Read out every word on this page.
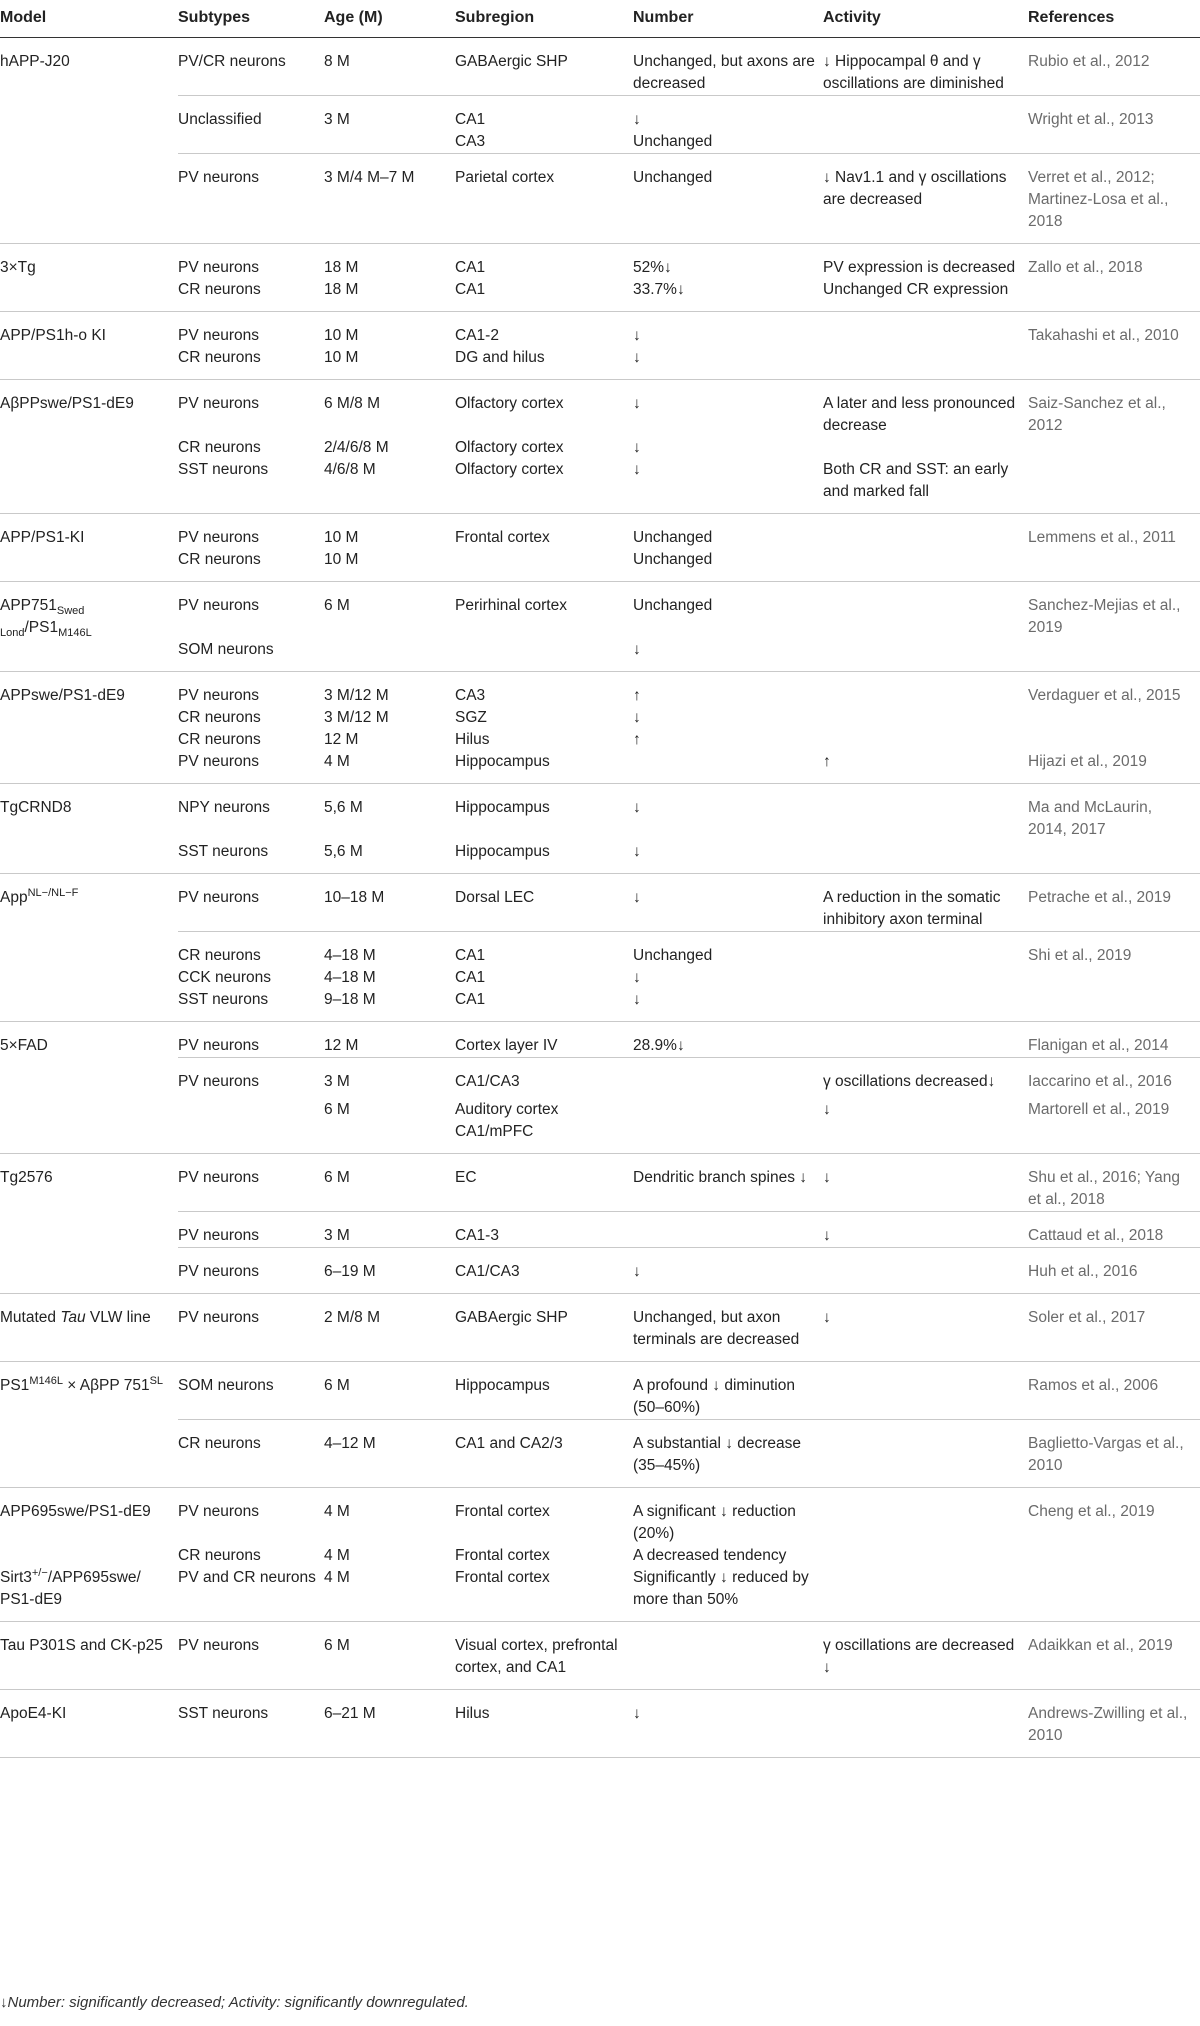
Model	Subtypes	Age (M)	Subregion	Number	Activity	References
hAPP-J20	PV/CR neurons	8 M	GABAergic SHP	Unchanged, but axons are decreased	↓ Hippocampal θ and γ oscillations are diminished	Rubio et al., 2012
	Unclassified	3 M	CA1	↓		Wright et al., 2013
			CA3	Unchanged		
	PV neurons	3 M/4 M–7 M	Parietal cortex	Unchanged	↓ Nav1.1 and γ oscillations are decreased	Verret et al., 2012; Martinez-Losa et al., 2018
3×Tg	PV neurons	18 M	CA1	52%↓	PV expression is decreased	Zallo et al., 2018
	CR neurons	18 M	CA1	33.7%↓	Unchanged CR expression	
APP/PS1h-o KI	PV neurons	10 M	CA1-2	↓		Takahashi et al., 2010
	CR neurons	10 M	DG and hilus	↓		
AβPPswe/PS1-dE9	PV neurons	6 M/8 M	Olfactory cortex	↓	A later and less pronounced decrease	Saiz-Sanchez et al., 2012
	CR neurons	2/4/6/8 M	Olfactory cortex	↓		
	SST neurons	4/6/8 M	Olfactory cortex	↓	Both CR and SST: an early and marked fall	
APP/PS1-KI	PV neurons	10 M	Frontal cortex	Unchanged		Lemmens et al., 2011
	CR neurons	10 M		Unchanged		
$APP751_{Swed}$
$_{Lond}/PS1_{M146L}$	PV neurons	6 M	Perirhinal cortex	Unchanged		Sanchez-Mejias et al., 2019
	SOM neurons			↓		
APPswe/PS1-dE9	PV neurons	3 M/12 M	CA3	↑		Verdaguer et al., 2015
	CR neurons	3 M/12 M	SGZ	↓		
	CR neurons	12 M	Hilus	↑		
	PV neurons	4 M	Hippocampus		↑	Hijazi et al., 2019
TgCRND8	NPY neurons	5,6 M	Hippocampus	↓		Ma and McLaurin, 2014, 2017
	SST neurons	5,6 M	Hippocampus	↓		
App$^{NL-/NL-F}$	PV neurons	10–18 M	Dorsal LEC	↓	A reduction in the somatic inhibitory axon terminal	Petrache et al., 2019
	CR neurons	4–18 M	CA1	Unchanged		Shi et al., 2019
	CCK neurons	4–18 M	CA1	↓		
	SST neurons	9–18 M	CA1	↓		
5×FAD	PV neurons	12 M	Cortex layer IV	28.9%↓		Flanigan et al., 2014
	PV neurons	3 M	CA1/CA3		γ oscillations decreased↓	Iaccarino et al., 2016
		6 M	Auditory cortex CA1/mPFC		↓	Martorell et al., 2019
Tg2576	PV neurons	6 M	EC	Dendritic branch spines ↓	↓	Shu et al., 2016; Yang et al., 2018
	PV neurons	3 M	CA1-3		↓	Cattaud et al., 2018
	PV neurons	6–19 M	CA1/CA3	↓		Huh et al., 2016
Mutated Tau VLW line	PV neurons	2 M/8 M	GABAergic SHP	Unchanged, but axon terminals are decreased	↓	Soler et al., 2017
$PS1^{M146L} \times A\beta PP$ $751^{SL}$	SOM neurons	6 M	Hippocampus	A profound ↓ diminution (50–60%)		Ramos et al., 2006
	CR neurons	4–12 M	CA1 and CA2/3	A substantial ↓ decrease (35–45%)		Baglietto-Vargas et al., 2010
APP695swe/PS1-dE9	PV neurons	4 M	Frontal cortex	A significant ↓ reduction (20%)		Cheng et al., 2019
	CR neurons	4 M	Frontal cortex	A decreased tendency		
Sirt3+/−/APP695swe/ PS1-dE9	PV and CR neurons	4 M	Frontal cortex	Significantly ↓ reduced by more than 50%		
Tau P301S and CK-p25	PV neurons	6 M	Visual cortex, prefrontal cortex, and CA1		γ oscillations are decreased ↓	Adaikkan et al., 2019
ApoE4-KI	SST neurons	6–21 M	Hilus	↓		Andrews-Zwilling et al., 2010
↓Number: significantly decreased; Activity: significantly downregulated.
